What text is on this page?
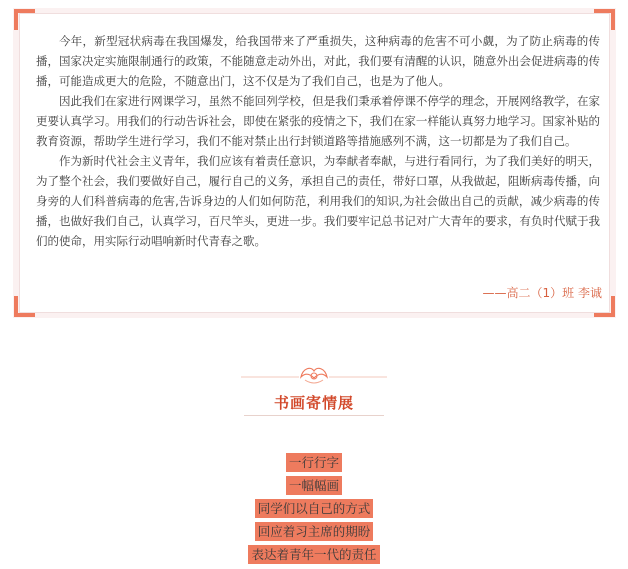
今年，新型冠状病毒在我国爆发，给我国带来了严重损失，这种病毒的危害不可小觑，为了防止病毒的传播，国家决定实施限制通行的政策，不能随意走动外出，对此，我们要有清醒的认识，随意外出会促进病毒的传播，可能造成更大的危险，不随意出门，这不仅是为了我们自己，也是为了他人。

因此我们在家进行网课学习，虽然不能回列学校，但是我们秉承着停课不停学的理念，开展网络教学，在家更要认真学习。用我们的行动告诉社会，即使在紧张的疫情之下，我们在家一样能认真努力地学习。国家补贴的教育资源，帮助学生进行学习，我们不能对禁止出行封锁道路等措施感列不满，这一切都是为了我们自己。

作为新时代社会主义青年，我们应该有着责任意识，为奉献者奉献，与进行看同行，为了我们美好的明天，为了整个社会，我们要做好自己，履行自己的义务，承担自己的责任，带好口罩，从我做起，阻断病毒传播，向身旁的人们科普病毒的危害,告诉身边的人们如何防范，利用我们的知识,为社会做出自己的贡献，减少病毒的传播，也做好我们自己，认真学习，百尺竿头，更进一步。我们要牢记总书记对广大青年的要求，有负时代赋于我们的使命，用实际行动唱响新时代青春之歌。

——高二（1）班 李诚
书画寄情展
一行行字
一幅幅画
同学们以自己的方式
回应着习主席的期盼
表达着青年一代的责任
